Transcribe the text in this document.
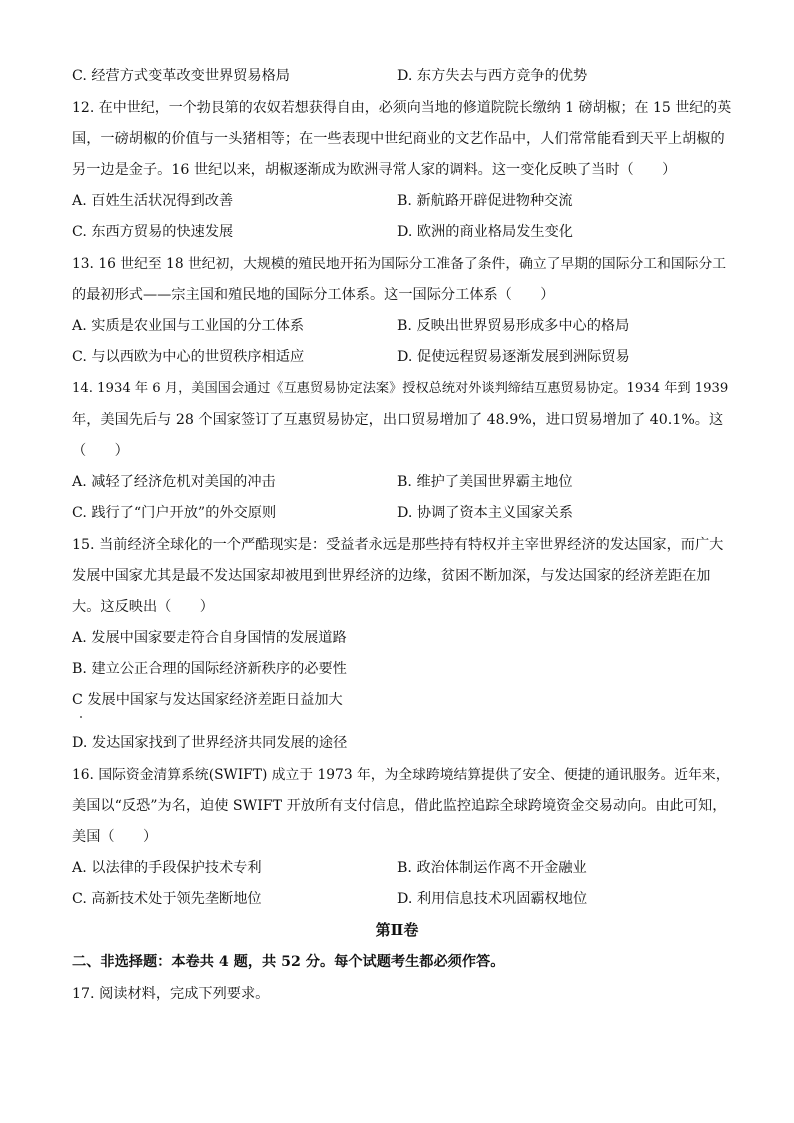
C. 经营方式变革改变世界贸易格局	D. 东方失去与西方竞争的优势
12. 在中世纪，一个勃艮第的农奴若想获得自由，必须向当地的修道院院长缴纳 1 磅胡椒；在 15 世纪的英
国，一磅胡椒的价值与一头猪相等；在一些表现中世纪商业的文艺作品中，人们常常能看到天平上胡椒的
另一边是金子。16 世纪以来，胡椒逐渐成为欧洲寻常人家的调料。这一变化反映了当时（　　）
A. 百姓生活状况得到改善	B. 新航路开辟促进物种交流
C. 东西方贸易的快速发展	D. 欧洲的商业格局发生变化
13. 16 世纪至 18 世纪初，大规模的殖民地开拓为国际分工准备了条件，确立了早期的国际分工和国际分工
的最初形式——宗主国和殖民地的国际分工体系。这一国际分工体系（　　）
A. 实质是农业国与工业国的分工体系	B. 反映出世界贸易形成多中心的格局
C. 与以西欧为中心的世贸秩序相适应	D. 促使远程贸易逐渐发展到洲际贸易
14. 1934 年 6 月，美国国会通过《互惠贸易协定法案》授权总统对外谈判缔结互惠贸易协定。1934 年到 1939
年，美国先后与 28 个国家签订了互惠贸易协定，出口贸易增加了 48.9%，进口贸易增加了 40.1%。这
（　　）
A. 减轻了经济危机对美国的冲击	B. 维护了美国世界霸主地位
C. 践行了“门户开放”的外交原则	D. 协调了资本主义国家关系
15. 当前经济全球化的一个严酷现实是：受益者永远是那些持有特权并主宰世界经济的发达国家，而广大
发展中国家尤其是最不发达国家却被甩到世界经济的边缘，贫困不断加深，与发达国家的经济差距在加
大。这反映出（　　）
A. 发展中国家要走符合自身国情的发展道路
B. 建立公正合理的国际经济新秩序的必要性
C 发展中国家与发达国家经济差距日益加大
D. 发达国家找到了世界经济共同发展的途径
16. 国际资金清算系统(SWIFT) 成立于 1973 年，为全球跨境结算提供了安全、便捷的通讯服务。近年来，
美国以“反恐”为名，迫使 SWIFT 开放所有支付信息，借此监控追踪全球跨境资金交易动向。由此可知，
美国（　　）
A. 以法律的手段保护技术专利	B. 政治体制运作离不开金融业
C. 高新技术处于领先垄断地位	D. 利用信息技术巩固霸权地位
第Ⅱ卷
二、非选择题：本卷共 4 题，共 52 分。每个试题考生都必须作答。
17. 阅读材料，完成下列要求。
